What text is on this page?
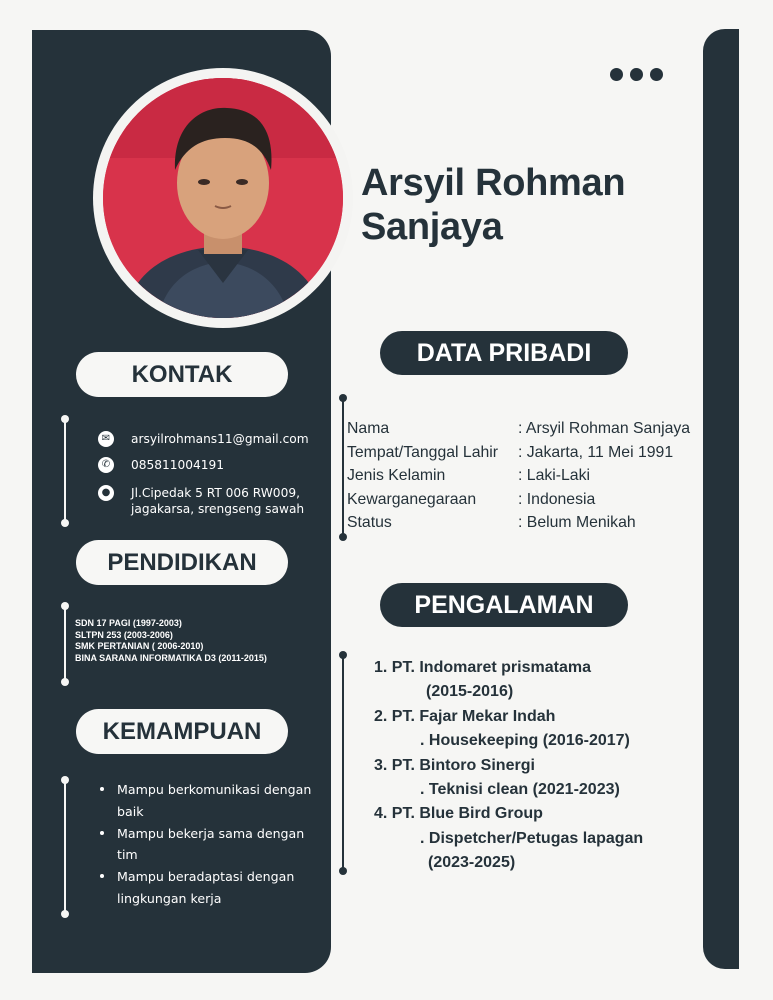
Arsyil Rohman
Sanjaya
KONTAK
✉	arsyilrohmans11@gmail.com
✆	085811004191
● Jl.Cipedak 5 RT 006 RW009,
jagakarsa, srengseng sawah
PENDIDIKAN
SDN 17 PAGI (1997-2003)
SLTPN 253 (2003-2006)
SMK PERTANIAN ( 2006-2010)
BINA SARANA INFORMATIKA D3 (2011-2015)
KEMAMPUAN
Mampu berkomunikasi dengan
baik
Mampu bekerja sama dengan
tim
Mampu beradaptasi dengan
lingkungan kerja
DATA PRIBADI
Nama	: Arsyil Rohman Sanjaya
Tempat/Tanggal Lahir	: Jakarta, 11 Mei 1991
Jenis Kelamin	: Laki-Laki
Kewarganegaraan	: Indonesia
Status	: Belum Menikah
PENGALAMAN
1. PT. Indomaret prismatama
(2015-2016)
2. PT. Fajar Mekar Indah
. Housekeeping (2016-2017)
3. PT. Bintoro Sinergi
. Teknisi clean (2021-2023)
4. PT. Blue Bird Group
. Dispetcher/Petugas lapagan
(2023-2025)
